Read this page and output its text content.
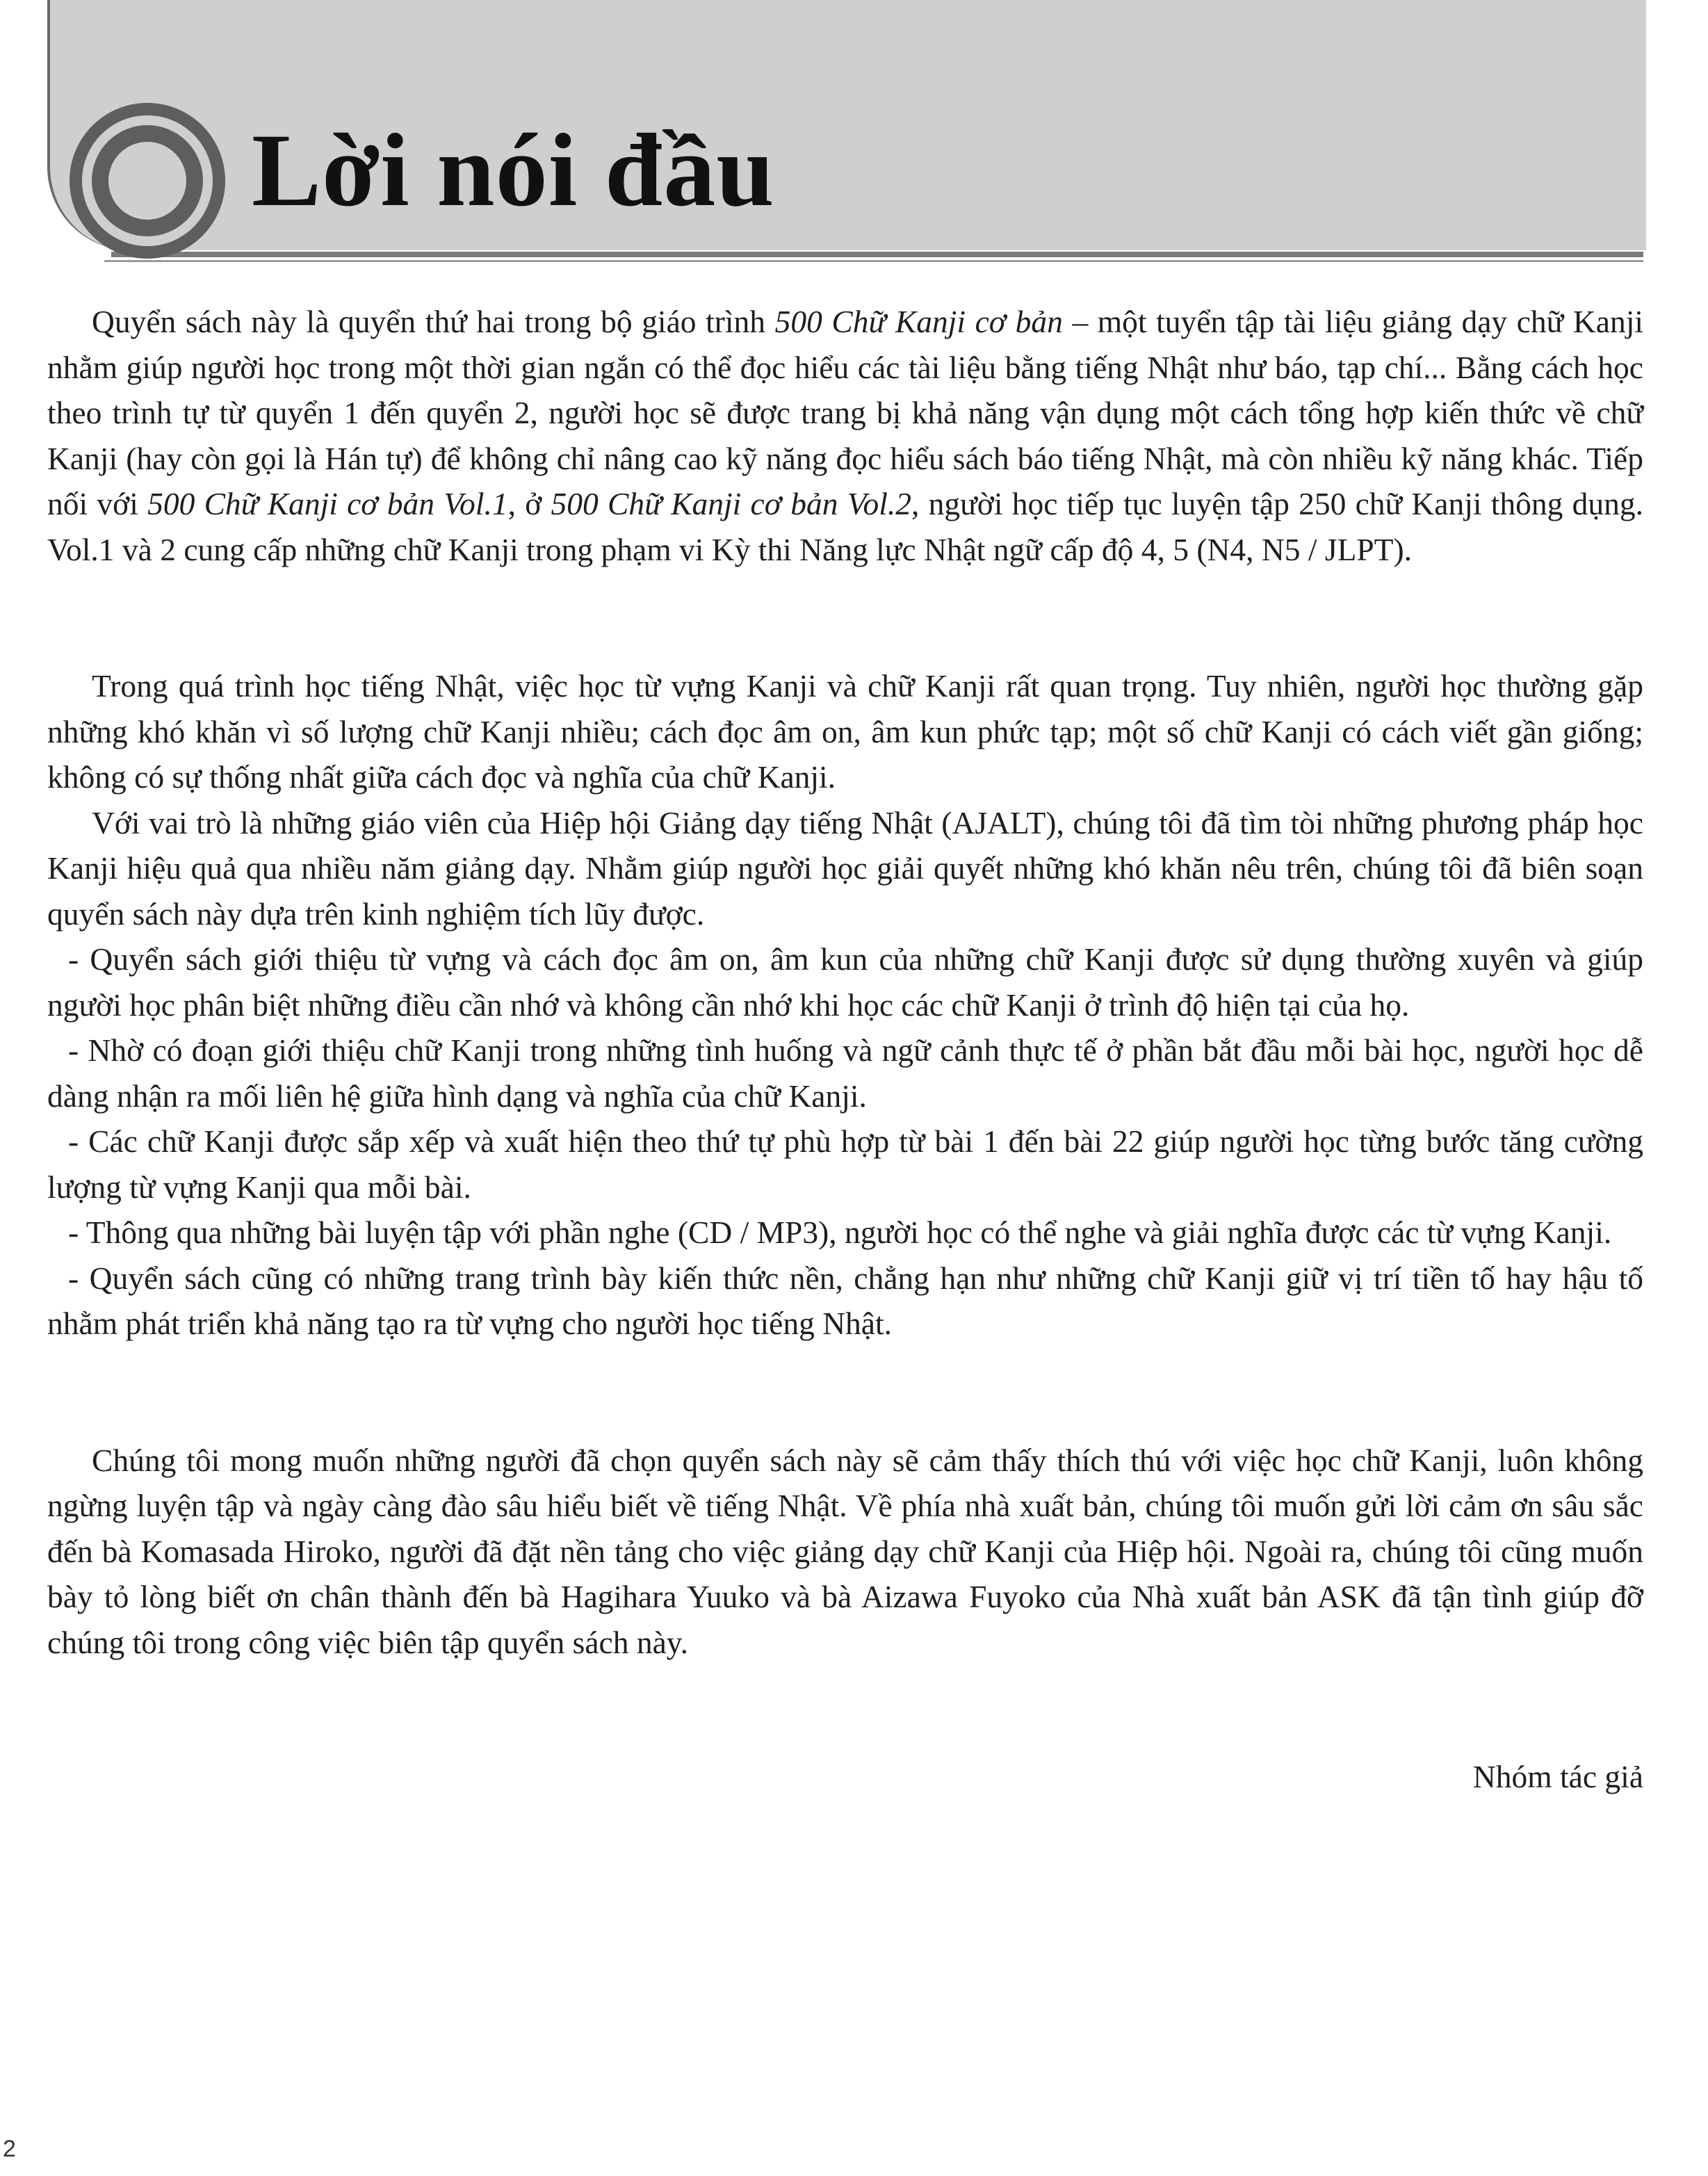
Lời nói đầu

Quyển sách này là quyển thứ hai trong bộ giáo trình 500 Chữ Kanji cơ bản – một tuyển tập tài liệu giảng dạy chữ Kanji nhằm giúp người học trong một thời gian ngắn có thể đọc hiểu các tài liệu bằng tiếng Nhật như báo, tạp chí... Bằng cách học theo trình tự từ quyển 1 đến quyển 2, người học sẽ được trang bị khả năng vận dụng một cách tổng hợp kiến thức về chữ Kanji (hay còn gọi là Hán tự) để không chỉ nâng cao kỹ năng đọc hiểu sách báo tiếng Nhật, mà còn nhiều kỹ năng khác. Tiếp nối với 500 Chữ Kanji cơ bản Vol.1, ở 500 Chữ Kanji cơ bản Vol.2, người học tiếp tục luyện tập 250 chữ Kanji thông dụng. Vol.1 và 2 cung cấp những chữ Kanji trong phạm vi Kỳ thi Năng lực Nhật ngữ cấp độ 4, 5 (N4, N5 / JLPT).

Trong quá trình học tiếng Nhật, việc học từ vựng Kanji và chữ Kanji rất quan trọng. Tuy nhiên, người học thường gặp những khó khăn vì số lượng chữ Kanji nhiều; cách đọc âm on, âm kun phức tạp; một số chữ Kanji có cách viết gần giống; không có sự thống nhất giữa cách đọc và nghĩa của chữ Kanji.

Với vai trò là những giáo viên của Hiệp hội Giảng dạy tiếng Nhật (AJALT), chúng tôi đã tìm tòi những phương pháp học Kanji hiệu quả qua nhiều năm giảng dạy. Nhằm giúp người học giải quyết những khó khăn nêu trên, chúng tôi đã biên soạn quyển sách này dựa trên kinh nghiệm tích lũy được.

- Quyển sách giới thiệu từ vựng và cách đọc âm on, âm kun của những chữ Kanji được sử dụng thường xuyên và giúp người học phân biệt những điều cần nhớ và không cần nhớ khi học các chữ Kanji ở trình độ hiện tại của họ.

- Nhờ có đoạn giới thiệu chữ Kanji trong những tình huống và ngữ cảnh thực tế ở phần bắt đầu mỗi bài học, người học dễ dàng nhận ra mối liên hệ giữa hình dạng và nghĩa của chữ Kanji.

- Các chữ Kanji được sắp xếp và xuất hiện theo thứ tự phù hợp từ bài 1 đến bài 22 giúp người học từng bước tăng cường lượng từ vựng Kanji qua mỗi bài.

- Thông qua những bài luyện tập với phần nghe (CD / MP3), người học có thể nghe và giải nghĩa được các từ vựng Kanji.

- Quyển sách cũng có những trang trình bày kiến thức nền, chẳng hạn như những chữ Kanji giữ vị trí tiền tố hay hậu tố nhằm phát triển khả năng tạo ra từ vựng cho người học tiếng Nhật.

Chúng tôi mong muốn những người đã chọn quyển sách này sẽ cảm thấy thích thú với việc học chữ Kanji, luôn không ngừng luyện tập và ngày càng đào sâu hiểu biết về tiếng Nhật. Về phía nhà xuất bản, chúng tôi muốn gửi lời cảm ơn sâu sắc đến bà Komasada Hiroko, người đã đặt nền tảng cho việc giảng dạy chữ Kanji của Hiệp hội. Ngoài ra, chúng tôi cũng muốn bày tỏ lòng biết ơn chân thành đến bà Hagihara Yuuko và bà Aizawa Fuyoko của Nhà xuất bản ASK đã tận tình giúp đỡ chúng tôi trong công việc biên tập quyển sách này.

Nhóm tác giả

2
